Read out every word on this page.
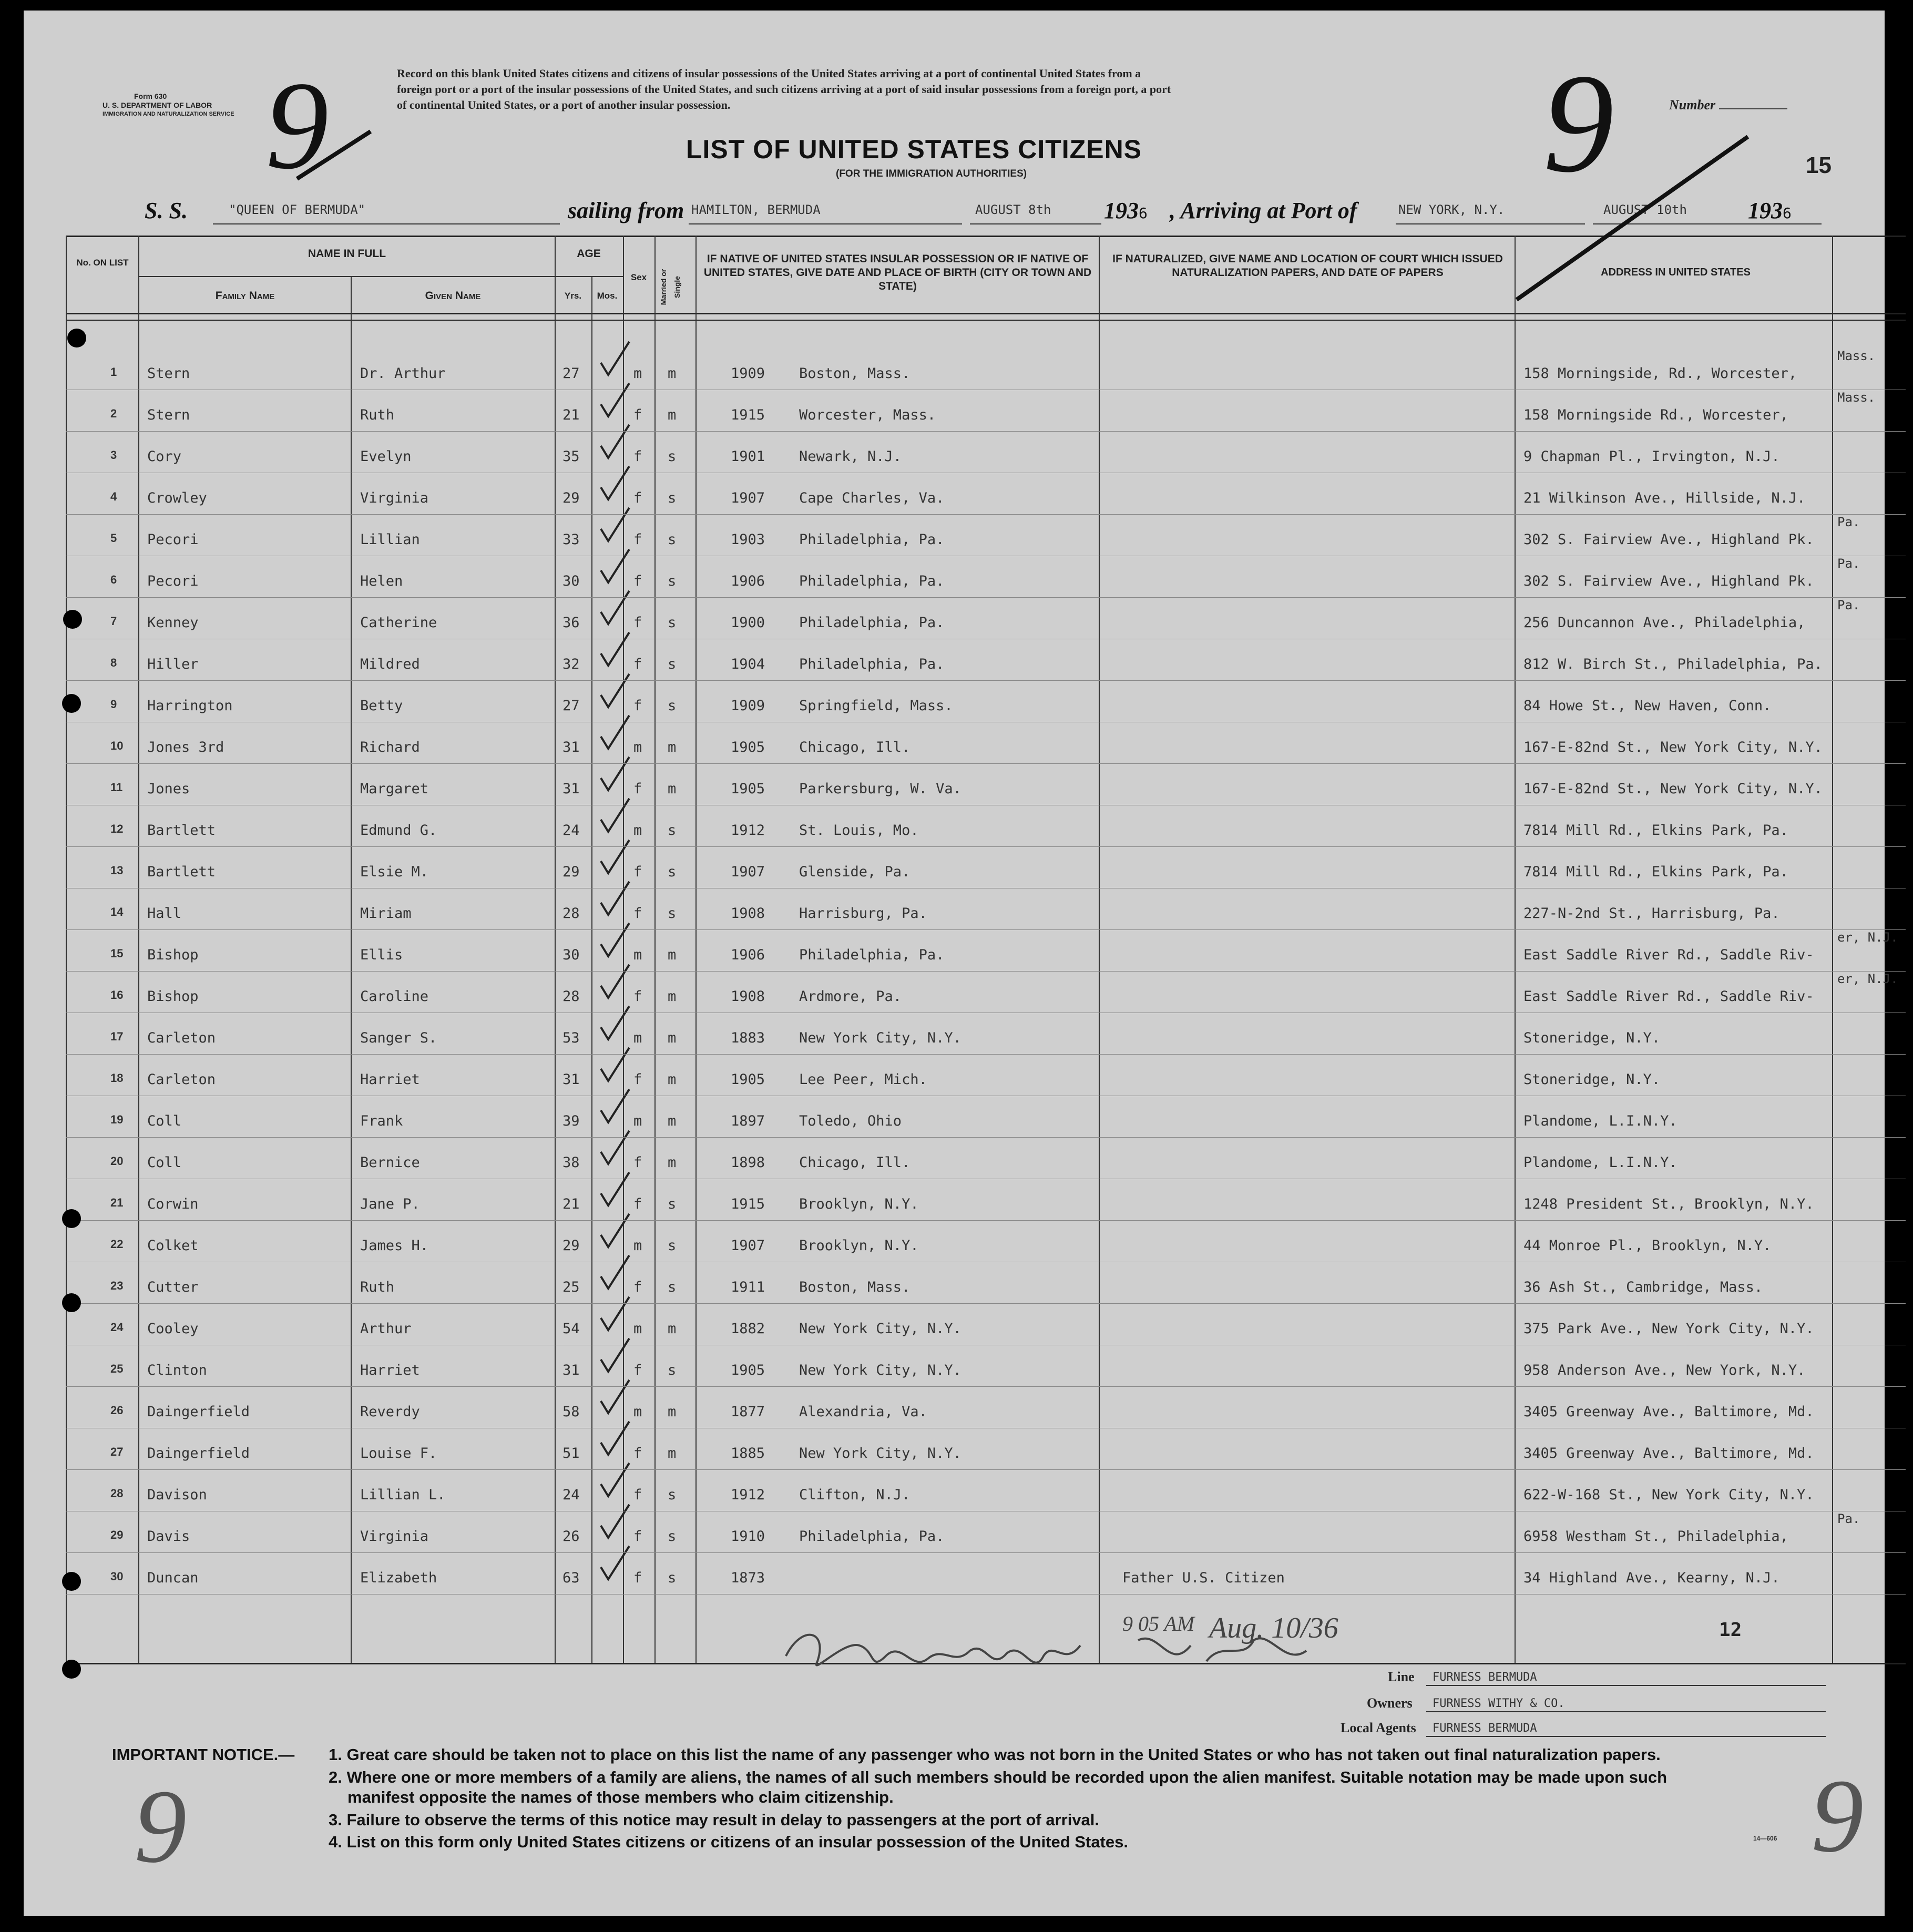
Form 630
U. S. DEPARTMENT OF LABOR
IMMIGRATION AND NATURALIZATION SERVICE
Record on this blank United States citizens and citizens of insular possessions of the United States arriving at a port of continental United States from a
foreign port or a port of the insular possessions of the United States, and such citizens arriving at a port of said insular possessions from a foreign port, a port
of continental United States, or a port of another insular possession.	Number
LIST OF UNITED STATES CITIZENS
(FOR THE IMMIGRATION AUTHORITIES)	15
S. S.	"QUEEN OF BERMUDA"	sailing from HAMILTON, BERMUDA	AUGUST 8th 1936 , Arriving at Port of	NEW YORK, N.Y.	AUGUST 10th	1936
No. ON LIST
NAME IN FULL
Family Name	Given Name
AGE
Yrs.	Mos.
Sex	Married or Single
IF NATIVE OF UNITED STATES INSULAR POSSESSION OR IF NATIVE OF UNITED STATES, GIVE DATE AND PLACE OF BIRTH (CITY OR TOWN AND STATE)
IF NATURALIZED, GIVE NAME AND LOCATION OF COURT WHICH ISSUED NATURALIZATION PAPERS, AND DATE OF PAPERS	ADDRESS IN UNITED STATES
1 Stern	Dr. Arthur	27	m m	1909 Boston, Mass.	158 Morningside, Rd., Worcester,
Mass.
2 Stern	Ruth	21	f m	1915 Worcester, Mass.	158 Morningside Rd., Worcester,
Mass.
3 Cory	Evelyn	35	f s	1901 Newark, N.J.	9 Chapman Pl., Irvington, N.J.
4 Crowley	Virginia	29	f s	1907 Cape Charles, Va.	21 Wilkinson Ave., Hillside, N.J.
5 Pecori	Lillian	33	f s	1903 Philadelphia, Pa.	302 S. Fairview Ave., Highland Pk.
Pa.
6 Pecori	Helen	30	f s	1906 Philadelphia, Pa.	302 S. Fairview Ave., Highland Pk.
Pa.
7 Kenney	Catherine	36	f s	1900 Philadelphia, Pa.	256 Duncannon Ave., Philadelphia,
Pa.
8 Hiller	Mildred	32	f s	1904 Philadelphia, Pa.	812 W. Birch St., Philadelphia, Pa.
9 Harrington	Betty	27	f s	1909 Springfield, Mass.	84 Howe St., New Haven, Conn.
10 Jones 3rd	Richard	31	m m	1905 Chicago, Ill.	167-E-82nd St., New York City, N.Y.
11 Jones	Margaret	31	f m	1905 Parkersburg, W. Va.	167-E-82nd St., New York City, N.Y.
12 Bartlett	Edmund G.	24	m s	1912 St. Louis, Mo.	7814 Mill Rd., Elkins Park, Pa.
13 Bartlett	Elsie M.	29	f s	1907 Glenside, Pa.	7814 Mill Rd., Elkins Park, Pa.
14 Hall	Miriam	28	f s	1908 Harrisburg, Pa.	227-N-2nd St., Harrisburg, Pa.
15 Bishop	Ellis	30	m m	1906 Philadelphia, Pa.	East Saddle River Rd., Saddle Riv-
er, N.J.
16 Bishop	Caroline	28	f m	1908 Ardmore, Pa.	East Saddle River Rd., Saddle Riv-
er, N.J.
17 Carleton	Sanger S.	53	m m	1883 New York City, N.Y.	Stoneridge, N.Y.
18 Carleton	Harriet	31	f m	1905 Lee Peer, Mich.	Stoneridge, N.Y.
19 Coll	Frank	39	m m	1897 Toledo, Ohio	Plandome, L.I.N.Y.
20 Coll	Bernice	38	f m	1898 Chicago, Ill.	Plandome, L.I.N.Y.
21 Corwin	Jane P.	21	f s	1915 Brooklyn, N.Y.	1248 President St., Brooklyn, N.Y.
22 Colket	James H.	29	m s	1907 Brooklyn, N.Y.	44 Monroe Pl., Brooklyn, N.Y.
23 Cutter	Ruth	25	f s	1911 Boston, Mass.	36 Ash St., Cambridge, Mass.
24 Cooley	Arthur	54	m m	1882 New York City, N.Y.	375 Park Ave., New York City, N.Y.
25 Clinton	Harriet	31	f s	1905 New York City, N.Y.	958 Anderson Ave., New York, N.Y.
26 Daingerfield	Reverdy	58	m m	1877 Alexandria, Va.	3405 Greenway Ave., Baltimore, Md.
27 Daingerfield	Louise F.	51	f m	1885 New York City, N.Y.	3405 Greenway Ave., Baltimore, Md.
28 Davison	Lillian L.	24	f s	1912 Clifton, N.J.	622-W-168 St., New York City, N.Y.
29 Davis	Virginia	26	f s	1910 Philadelphia, Pa.	6958 Westham St., Philadelphia,
Pa.
30 Duncan	Elizabeth	63	f s	1873	Father U.S. Citizen	34 Highland Ave., Kearny, N.J.
9 05 AM Aug. 10/36	12
Line FURNESS BERMUDA
Owners FURNESS WITHY & CO.
Local Agents FURNESS BERMUDA
IMPORTANT NOTICE.— 1. Great care should be taken not to place on this list the name of any passenger who was not born in the United States or who has not taken out final naturalization papers.
2. Where one or more members of a family are aliens, the names of all such members should be recorded upon the alien manifest. Suitable notation may be made upon such
manifest opposite the names of those members who claim citizenship.
3. Failure to observe the terms of this notice may result in delay to passengers at the port of arrival.
4. List on this form only United States citizens or citizens of an insular possession of the United States.	14—606
9	9
9	9
